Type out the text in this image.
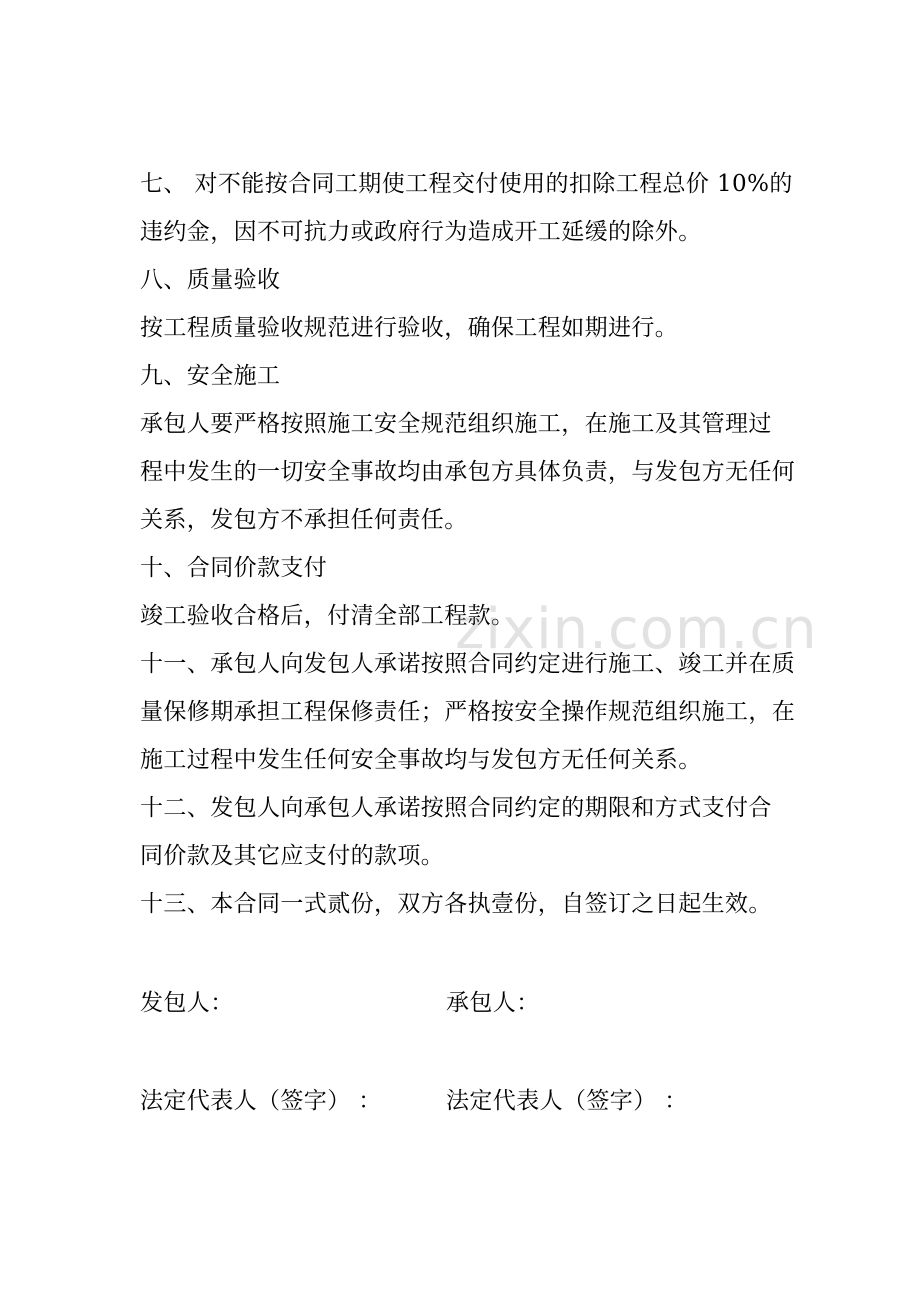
七、 对不能按合同工期使工程交付使用的扣除工程总价 10%的
违约金，因不可抗力或政府行为造成开工延缓的除外。
八、质量验收
按工程质量验收规范进行验收，确保工程如期进行。
九、安全施工
承包人要严格按照施工安全规范组织施工，在施工及其管理过
程中发生的一切安全事故均由承包方具体负责，与发包方无任何
关系，发包方不承担任何责任。
十、合同价款支付
竣工验收合格后，付清全部工程款。
十一、承包人向发包人承诺按照合同约定进行施工、竣工并在质
量保修期承担工程保修责任；严格按安全操作规范组织施工，在
施工过程中发生任何安全事故均与发包方无任何关系。
十二、发包人向承包人承诺按照合同约定的期限和方式支付合
同价款及其它应支付的款项。
十三、本合同一式贰份，双方各执壹份，自签订之日起生效。
发包人：	承包人：
法定代表人（签字） ：	法定代表人（签字） ：
zixin.com.cn
